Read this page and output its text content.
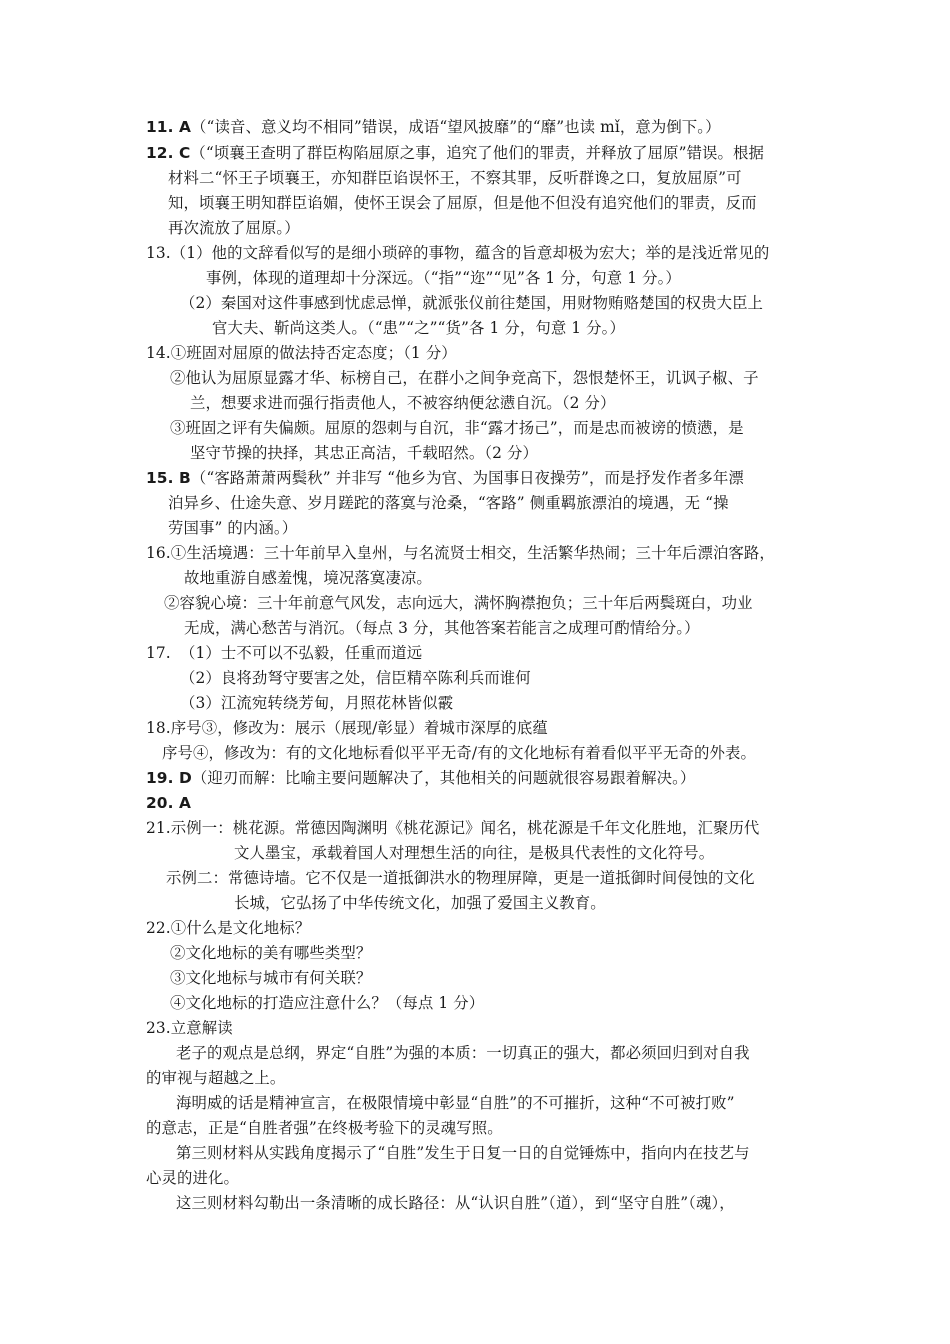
11. A（“读音、意义均不相同”错误，成语“望风披靡”的“靡”也读 mǐ，意为倒下。）
12. C（“顷襄王查明了群臣构陷屈原之事，追究了他们的罪责，并释放了屈原”错误。根据
材料二“怀王子顷襄王，亦知群臣谄误怀王，不察其罪，反听群谗之口，复放屈原”可
知，顷襄王明知群臣谄媚，使怀王误会了屈原，但是他不但没有追究他们的罪责，反而
再次流放了屈原。）
13.（1）他的文辞看似写的是细小琐碎的事物，蕴含的旨意却极为宏大；举的是浅近常见的
事例，体现的道理却十分深远。（“指”“迩”“见”各 1 分，句意 1 分。）
（2）秦国对这件事感到忧虑忌惮，就派张仪前往楚国，用财物贿赂楚国的权贵大臣上
官大夫、靳尚这类人。（“患”“之”“货”各 1 分，句意 1 分。）
14.①班固对屈原的做法持否定态度；（1 分）
②他认为屈原显露才华、标榜自己，在群小之间争竞高下，怨恨楚怀王，讥讽子椒、子
兰，想要求进而强行指责他人，不被容纳便忿懑自沉。（2 分）
③班固之评有失偏颇。屈原的怨刺与自沉，非“露才扬己”，而是忠而被谤的愤懑，是
坚守节操的抉择，其忠正高洁，千载昭然。（2 分）
15. B（“客路萧萧两鬓秋” 并非写 “他乡为官、为国事日夜操劳”，而是抒发作者多年漂
泊异乡、仕途失意、岁月蹉跎的落寞与沧桑，“客路” 侧重羁旅漂泊的境遇，无 “操
劳国事” 的内涵。）
16.①生活境遇：三十年前早入皇州，与名流贤士相交，生活繁华热闹；三十年后漂泊客路，
故地重游自感羞愧，境况落寞凄凉。
②容貌心境：三十年前意气风发，志向远大，满怀胸襟抱负；三十年后两鬓斑白，功业
无成，满心愁苦与消沉。（每点 3 分，其他答案若能言之成理可酌情给分。）
17. （1）士不可以不弘毅，任重而道远
（2）良将劲弩守要害之处，信臣精卒陈利兵而谁何
（3）江流宛转绕芳甸，月照花林皆似霰
18.序号③，修改为：展示（展现/彰显）着城市深厚的底蕴
序号④，修改为：有的文化地标看似平平无奇/有的文化地标有着看似平平无奇的外表。
19. D（迎刃而解：比喻主要问题解决了，其他相关的问题就很容易跟着解决。）
20. A
21.示例一：桃花源。常德因陶渊明《桃花源记》闻名，桃花源是千年文化胜地，汇聚历代
文人墨宝，承载着国人对理想生活的向往，是极具代表性的文化符号。
示例二：常德诗墙。它不仅是一道抵御洪水的物理屏障，更是一道抵御时间侵蚀的文化
长城，它弘扬了中华传统文化，加强了爱国主义教育。
22.①什么是文化地标？
②文化地标的美有哪些类型？
③文化地标与城市有何关联？
④文化地标的打造应注意什么？（每点 1 分）
23.立意解读
老子的观点是总纲，界定“自胜”为强的本质：一切真正的强大，都必须回归到对自我
的审视与超越之上。
海明威的话是精神宣言，在极限情境中彰显“自胜”的不可摧折，这种“不可被打败”
的意志，正是“自胜者强”在终极考验下的灵魂写照。
第三则材料从实践角度揭示了“自胜”发生于日复一日的自觉锤炼中，指向内在技艺与
心灵的进化。
这三则材料勾勒出一条清晰的成长路径：从“认识自胜”（道），到“坚守自胜”（魂），
